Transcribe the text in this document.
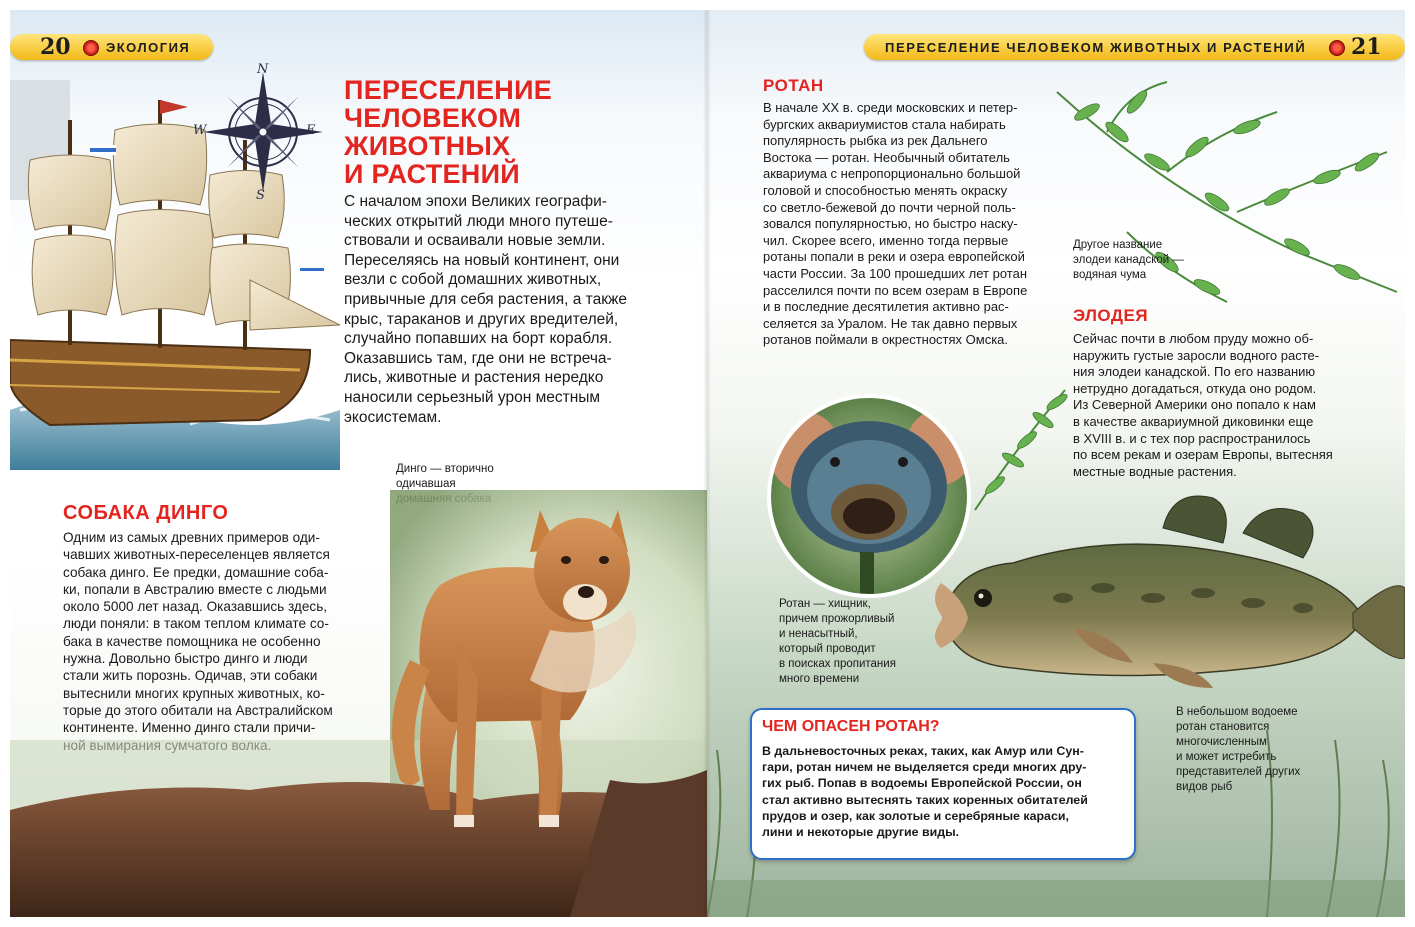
N
S
W	E
20	ЭКОЛОГИЯ
ПЕРЕСЕЛЕНИЕ
ЧЕЛОВЕКОМ
ЖИВОТНЫХ
И РАСТЕНИЙ
С началом эпохи Великих географи-
ческих открытий люди много путеше-
ствовали и осваивали новые земли.
Переселяясь на новый континент, они
везли с собой домашних животных,
привычные для себя растения, а также
крыс, тараканов и других вредителей,
случайно попавших на борт корабля.
Оказавшись там, где они не встреча-
лись, животные и растения нередко
наносили серьезный урон местным
экосистемам.
СОБАКА ДИНГО
Одним из самых древних примеров оди-
чавших животных-переселенцев является
собака динго. Ее предки, домашние соба-
ки, попали в Австралию вместе с людьми
около 5000 лет назад. Оказавшись здесь,
люди поняли: в таком теплом климате со-
бака в качестве помощника не особенно
нужна. Довольно быстро динго и люди
стали жить порознь. Одичав, эти собаки
вытеснили многих крупных животных, ко-
торые до этого обитали на Австралийском
континенте. Именно динго стали причи-
Динго — вторично
одичавшая
ПЕРЕСЕЛЕНИЕ ЧЕЛОВЕКОМ ЖИВОТНЫХ И РАСТЕНИЙ 21
РОТАН
В начале XX в. среди московских и петер-
бургских аквариумистов стала набирать
популярность рыбка из рек Дальнего
Востока — ротан. Необычный обитатель
аквариума с непропорционально большой
головой и способностью менять окраску
со светло-бежевой до почти черной поль-
зовался популярностью, но быстро наску-
чил. Скорее всего, именно тогда первые
ротаны попали в реки и озера европейской
части России. За 100 прошедших лет ротан
расселился почти по всем озерам в Европе
и в последние десятилетия активно рас-
селяется за Уралом. Не так давно первых
ротанов поймали в окрестностях Омска.
Другое название
элодеи канадской —
водяная чума
ЭЛОДЕЯ
Сейчас почти в любом пруду можно об-
наружить густые заросли водного расте-
ния элодеи канадской. По его названию
нетрудно догадаться, откуда оно родом.
Из Северной Америки оно попало к нам
в качестве аквариумной диковинки еще
в XVIII в. и с тех пор распространилось
по всем рекам и озерам Европы, вытесняя
местные водные растения.
Ротан — хищник,
причем прожорливый
и ненасытный,
который проводит
в поисках пропитания
много времени
В небольшом водоеме
ротан становится
многочисленным
и может истребить
представителей других
видов рыб
ЧЕМ ОПАСЕН РОТАН?
В дальневосточных реках, таких, как Амур или Сун-
гари, ротан ничем не выделяется среди многих дру-
гих рыб. Попав в водоемы Европейской России, он
стал активно вытеснять таких коренных обитателей
прудов и озер, как золотые и серебряные караси,
лини и некоторые другие виды.
